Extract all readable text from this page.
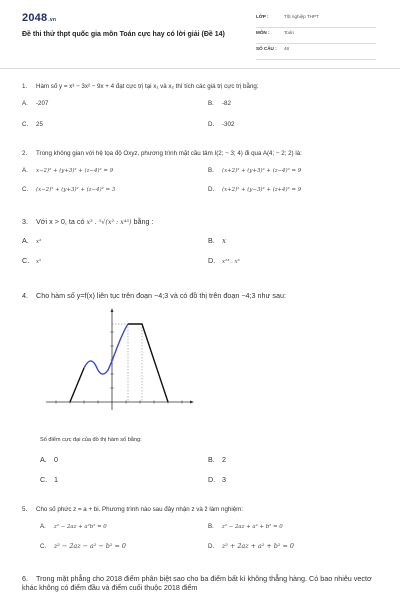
2048.vn
Đề thi thử thpt quốc gia môn Toán cực hay có lời giải (Đề 14)
LỚP :	Tốt nghiệp THPT
MÔN :	Toán
SỐ CÂU :	48
1. Hàm số y = x³ − 3x² − 9x + 4 đạt cực trị tại x₁ và x₂ thì tích các giá trị cực trị bằng:
A. -207	B. -82
C. 25	D. -302
2. Trong không gian với hệ tọa độ Oxyz, phương trình mặt cầu tâm I(2; − 3; 4) đi qua A(4; − 2; 2) là:
A. x−2)² + (y+3)² + (z−4)² = 9	B. (x+2)² + (y+3)² + (z−4)² = 9
C. (x−2)² + (y+3)² + (z−4)² = 3	D. (x+2)² + (y−3)² + (z+4)² = 9
3. Với x > 0, ta có x³ . ⁵√(x² : x⁴³) bằng :
A. x³	B. x
C. x²	D. x²³ . x³
4. Cho hàm số y=f(x) liên tục trên đoạn −4;3 và có đồ thị trên đoạn −4;3 như sau:
Số điểm cực đại của đồ thị hàm số bằng:
A. 0	B. 2
C. 1	D. 3
5. Cho số phức z = a + bi. Phương trình nào sau đây nhận z và z̄ làm nghiệm:
A. z² − 2az + a²b² = 0	B. z² − 2az + a² + b² = 0
C. z² − 2az − a² − b² = 0	D. z² + 2az + a² + b² = 0
6. Trong mặt phẳng cho 2018 điểm phân biệt sao cho ba điểm bất kì không thẳng hàng. Có bao nhiêu vectơ khác không có điểm đầu và điểm cuối thuộc 2018 điểm
